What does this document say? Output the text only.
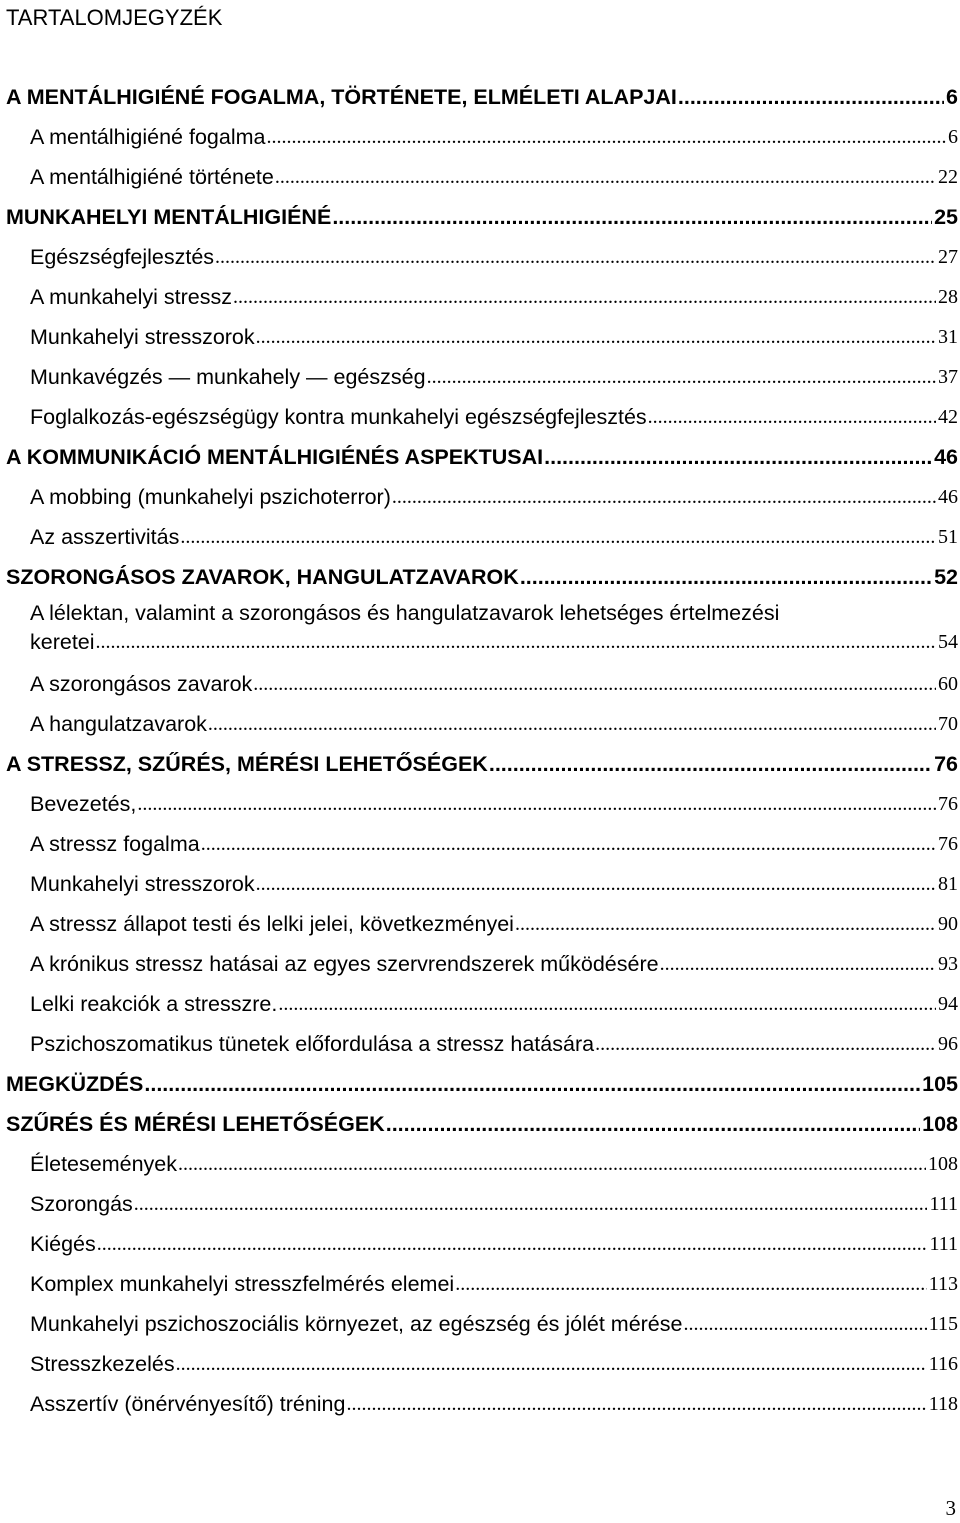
TARTALOMJEGYZÉK
A MENTÁLHIGIÉNÉ FOGALMA, TÖRTÉNETE, ELMÉLETI ALAPJAI .....	6
A mentálhigiéné fogalma .....	6
A mentálhigiéné története .....	22
MUNKAHELYI MENTÁLHIGIÉNÉ .....	25
Egészségfejlesztés .....	27
A munkahelyi stressz .....	28
Munkahelyi stresszorok .....	31
Munkavégzés — munkahely — egészség .....	37
Foglalkozás-egészségügy kontra munkahelyi egészségfejlesztés .....	42
A KOMMUNIKÁCIÓ MENTÁLHIGIÉNÉS ASPEKTUSAI .....	46
A mobbing (munkahelyi pszichoterror) .....	46
Az asszertivitás .....	51
SZORONGÁSOS ZAVAROK, HANGULATZAVAROK .....	52
A lélektan, valamint a szorongásos és hangulatzavarok lehetséges értelmezési
keretei .....	54
A szorongásos zavarok .....	60
A hangulatzavarok .....	70
A STRESSZ, SZŰRÉS, MÉRÉSI LEHETŐSÉGEK .....	76
Bevezetés, .....	76
A stressz fogalma .....	76
Munkahelyi stresszorok .....	81
A stressz állapot testi és lelki jelei, következményei .....	90
A krónikus stressz hatásai az egyes szervrendszerek működésére .....	93
Lelki reakciók a stresszre. .....	94
Pszichoszomatikus tünetek előfordulása a stressz hatására .....	96
MEGKÜZDÉS .....	105
SZŰRÉS ÉS MÉRÉSI LEHETŐSÉGEK .....	108
Életesemények .....	108
Szorongás .....	111
Kiégés .....	111
Komplex munkahelyi stresszfelmérés elemei .....	113
Munkahelyi pszichoszociális környezet, az egészség és jólét mérése .....	115
Stresszkezelés .....	116
Asszertív (önérvényesítő) tréning .....	118
3
